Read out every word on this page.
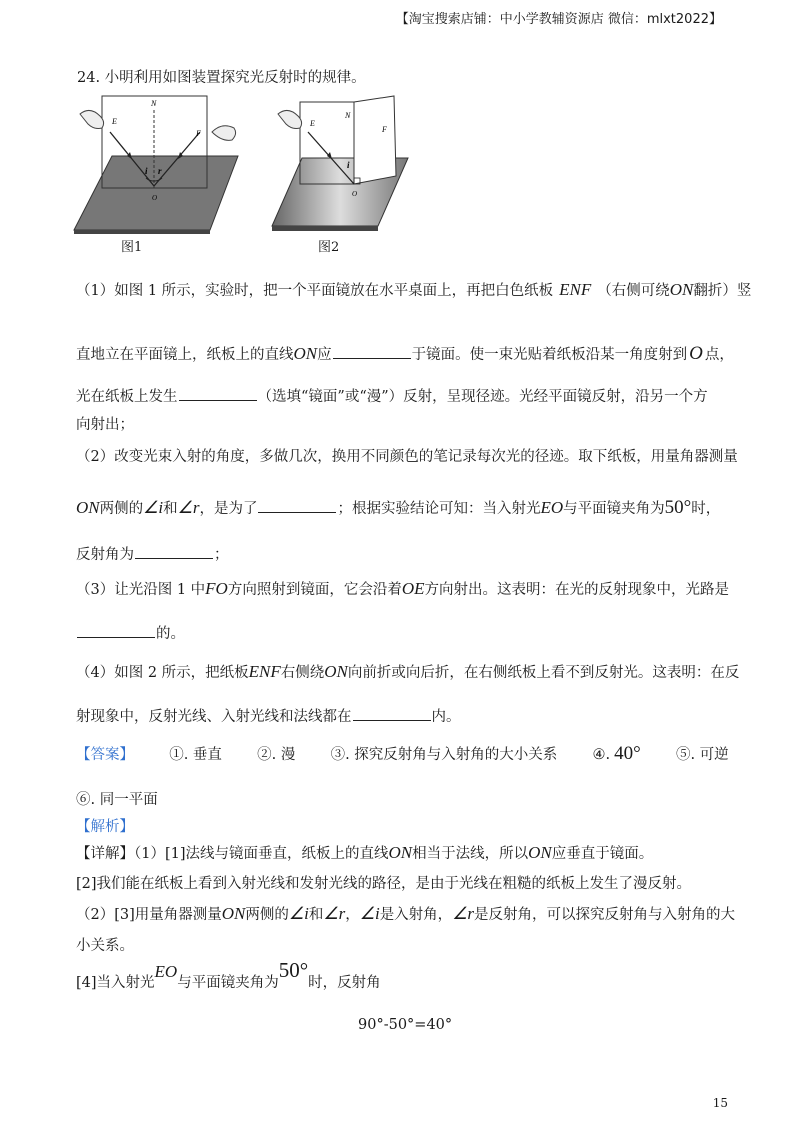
【淘宝搜索店铺：中小学教辅资源店 微信：mlxt2022】
24. 小明利用如图装置探究光反射时的规律。
E
N
F
i r
O
图1
E
N
F
i
O
图2
（1）如图 1 所示，实验时，把一个平面镜放在水平桌面上，再把白色纸板 ENF （右侧可绕ON翻折）竖
直地立在平面镜上，纸板上的直线ON应	于镜面。使一束光贴着纸板沿某一角度射到 O 点，
光在纸板上发生	（选填“镜面”或“漫”）反射，呈现径迹。光经平面镜反射，沿另一个方
向射出；
（2）改变光束入射的角度，多做几次，换用不同颜色的笔记录每次光的径迹。取下纸板，用量角器测量
ON两侧的∠i和∠r，是为了	；根据实验结论可知：当入射光EO与平面镜夹角为50°时，
反射角为	；
（3）让光沿图 1 中FO方向照射到镜面，它会沿着OE方向射出。这表明：在光的反射现象中，光路是
的。
（4）如图 2 所示，把纸板ENF右侧绕ON向前折或向后折，在右侧纸板上看不到反射光。这表明：在反
射现象中，反射光线、入射光线和法线都在	内。
【答案】 ①. 垂直 ②. 漫 ③. 探究反射角与入射角的大小关系 ④. 40° ⑤. 可逆
⑥. 同一平面
【解析】
【详解】（1）[1]法线与镜面垂直，纸板上的直线ON相当于法线，所以ON应垂直于镜面。
[2]我们能在纸板上看到入射光线和发射光线的路径，是由于光线在粗糙的纸板上发生了漫反射。
（2）[3]用量角器测量ON两侧的∠i和∠r，∠i是入射角，∠r是反射角，可以探究反射角与入射角的大
小关系。
[4]当入射光EO与平面镜夹角为50°时，反射角
90°-50°=40°
15
